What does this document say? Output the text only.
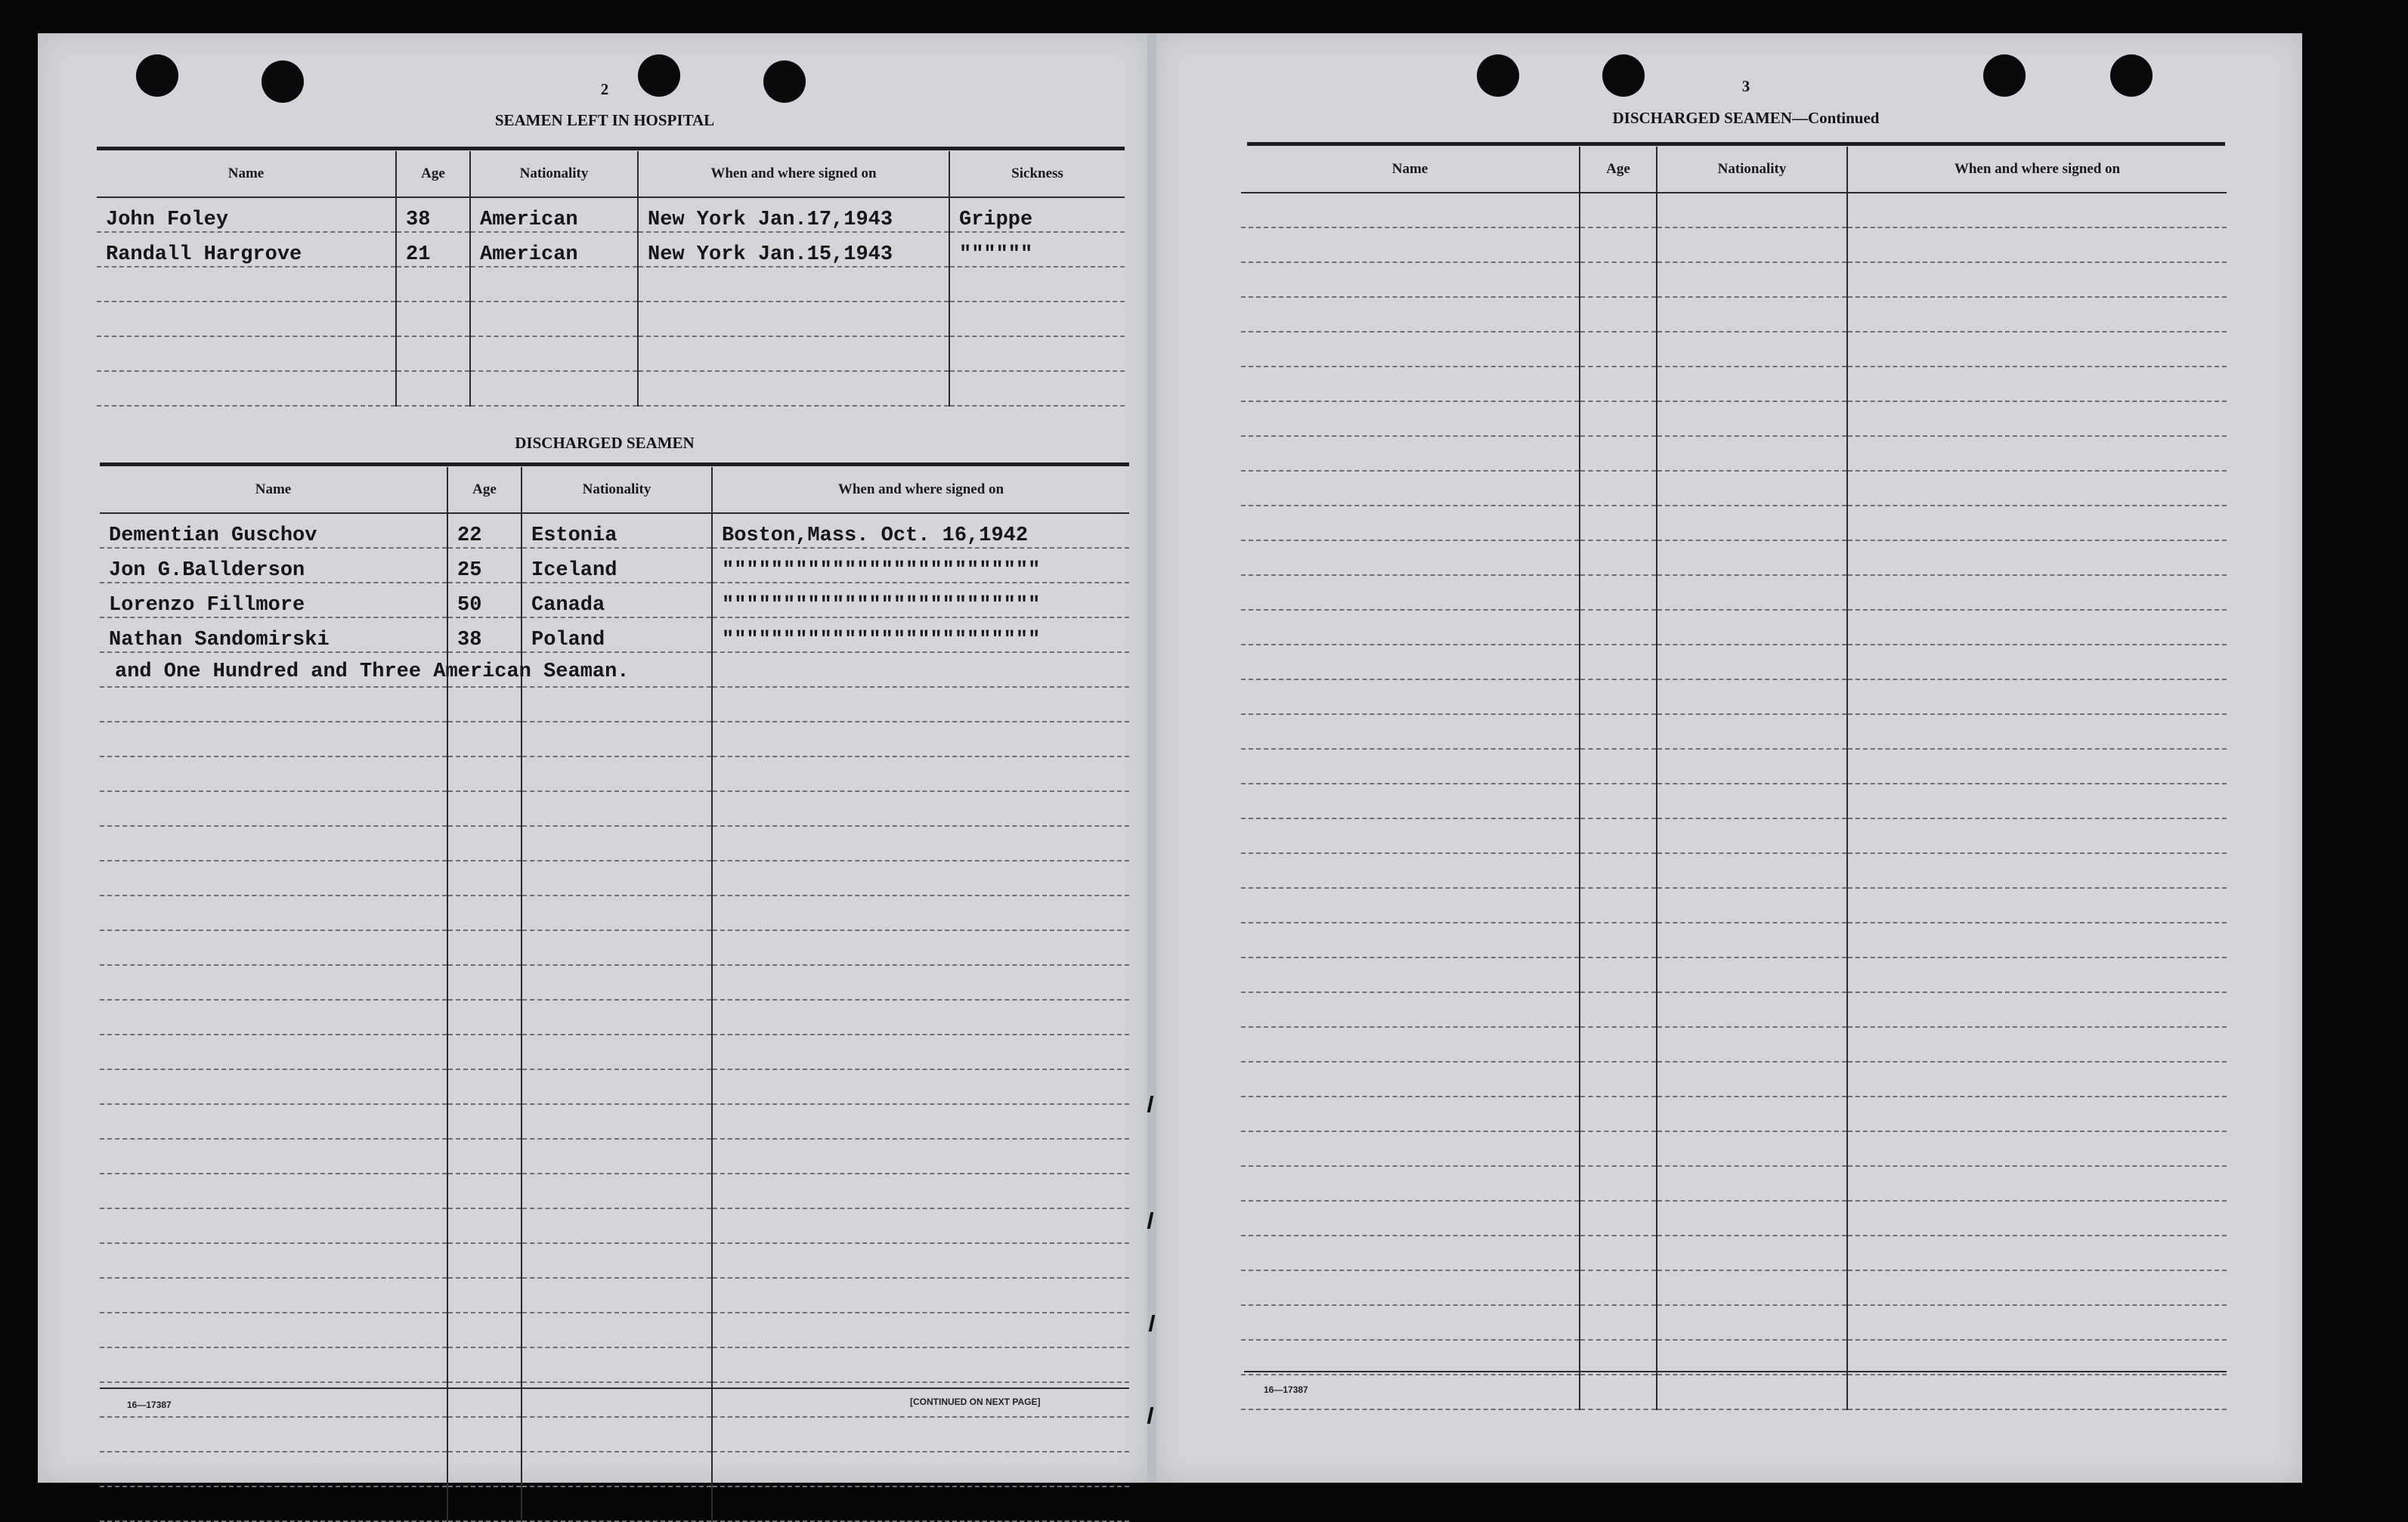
2

SEAMEN LEFT IN HOSPITAL

Name	Age	Nationality	When and where signed on	Sickness
John Foley	38	American	New York Jan.17,1943	Grippe
Randall Hargrove	21	American	New York Jan.15,1943	""""""

DISCHARGED SEAMEN

Name	Age	Nationality	When and where signed on
Dementian Guschov	22	Estonia	Boston,Mass. Oct. 16,1942
Jon G.Ballderson	25	Iceland	""""""""""""""""""""""""""
Lorenzo Fillmore	50	Canada	""""""""""""""""""""""""""
Nathan Sandomirski	38	Poland	""""""""""""""""""""""""""

and One Hundred and Three American Seaman.
16—17387	[CONTINUED ON NEXT PAGE]

3

DISCHARGED SEAMEN—Continued

Name	Age	Nationality	When and where signed on

16—17387
